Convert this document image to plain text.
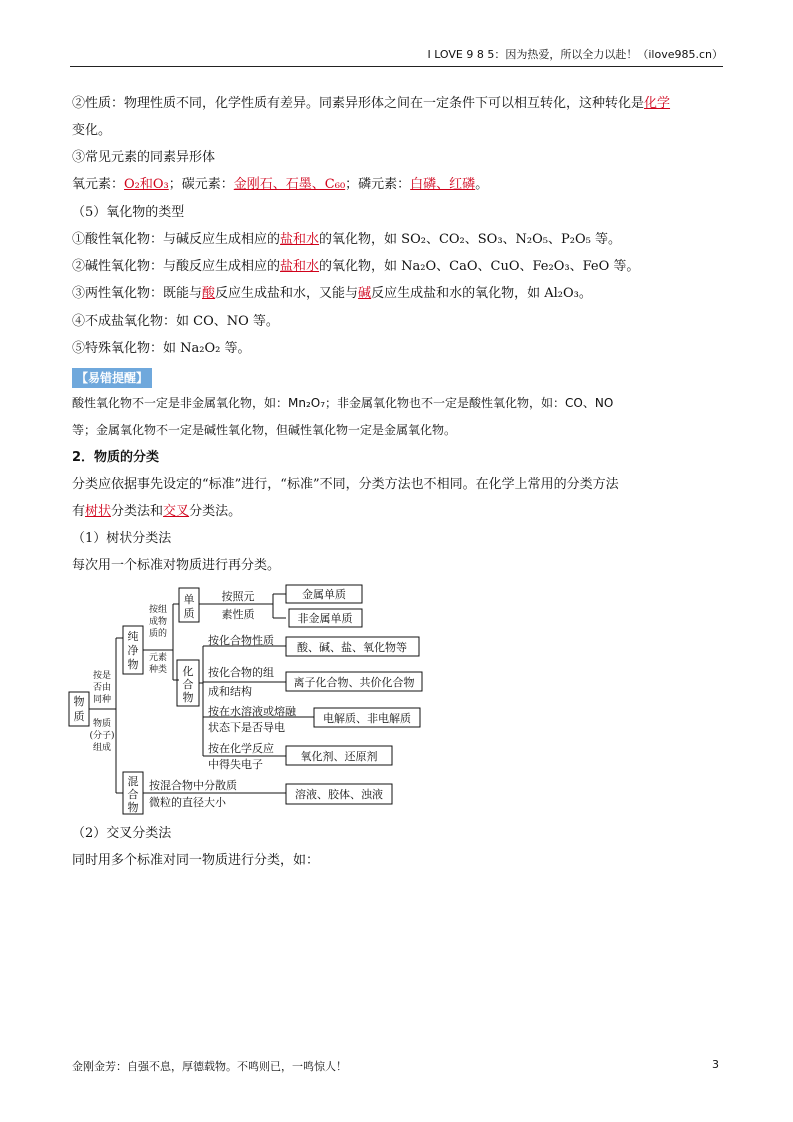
I LOVE 9 8 5：因为热爱，所以全力以赴！（ilove985.cn）
②性质：物理性质不同，化学性质有差异。同素异形体之间在一定条件下可以相互转化，这种转化是化学
变化。
③常见元素的同素异形体
氧元素：O₂和O₃；碳元素：金刚石、石墨、C₆₀；磷元素：白磷、红磷。
（5）氧化物的类型
①酸性氧化物：与碱反应生成相应的盐和水的氧化物，如 SO₂、CO₂、SO₃、N₂O₅、P₂O₅ 等。
②碱性氧化物：与酸反应生成相应的盐和水的氧化物，如 Na₂O、CaO、CuO、Fe₂O₃、FeO 等。
③两性氧化物：既能与酸反应生成盐和水，又能与碱反应生成盐和水的氧化物，如 Al₂O₃。
④不成盐氧化物：如 CO、NO 等。
⑤特殊氧化物：如 Na₂O₂ 等。
【易错提醒】
酸性氧化物不一定是非金属氧化物，如：Mn₂O₇；非金属氧化物也不一定是酸性氧化物，如：CO、NO
等；金属氧化物不一定是碱性氧化物，但碱性氧化物一定是金属氧化物。
2．物质的分类
分类应依据事先设定的“标准”进行，“标准”不同，分类方法也不相同。在化学上常用的分类方法
有树状分类法和交叉分类法。
（1）树状分类法
每次用一个标准对物质进行再分类。
物
质
按是
否由
同种
物质
(分子)
组成
纯
净
物
按组
成物
质的
元素
种类
混
合
物
按混合物中分散质
微粒的直径大小
溶液、胶体、浊液
单
质
按照元
素性质
金属单质
非金属单质
化
合
物
按化合物性质
酸、碱、盐、氧化物等
按化合物的组
成和结构
离子化合物、共价化合物
按在水溶液或熔融
状态下是否导电
电解质、非电解质
按在化学反应
中得失电子
氧化剂、还原剂
（2）交叉分类法
同时用多个标准对同一物质进行分类，如：
金刚金芳：自强不息，厚德载物。不鸣则已，一鸣惊人！	3
